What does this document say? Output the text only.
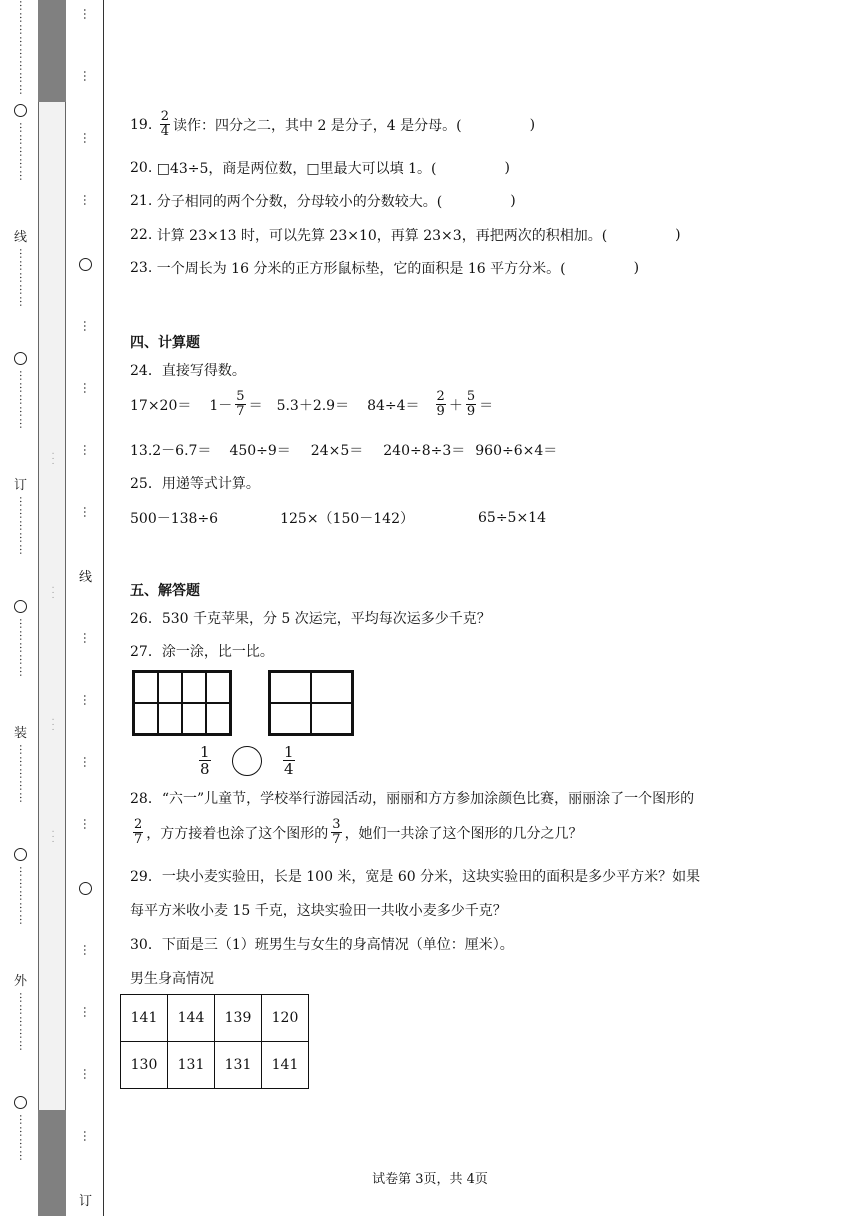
……………………
……………
线
……………
……………
订
……………
……………
装
……………
……………
外
……………
…………
· · ·
· · ·
· · ·
· · ·
…
…
…
…
…
…
…
…
线
…
…
…
…
…
…
…
…
订
19.
$\frac{2}{4}$ 读作：四分之二，其中 2 是分子，4 是分母。(	)
20.
□43÷5，商是两位数，□里最大可以填 1。(	)
21.
分子相同的两个分数，分母较小的分数较大。(	)
22.
计算 23×13 时，可以先算 23×10，再算 23×3，再把两次的积相加。(	)
23.
一个周长为 16 分米的正方形鼠标垫，它的面积是 16 平方分米。(	)
四、计算题
24．直接写得数。
$17\times 20= 1- \frac{5}{7} = 5.3+2.9= 84\div 4= \frac{2}{9} + \frac{5}{9}$ ＝
13.2－6.7＝ 450÷9＝ 24×5＝ 240÷8÷3＝ 960÷6×4＝
25．用递等式计算。
500－138÷6	125×（150－142）	65÷5×14
五、解答题
26．530 千克苹果，分 5 次运完，平均每次运多少千克？
27．涂一涂，比一比。
$\frac{1}{8}$	$\frac{1}{4}$
28．“六一”儿童节，学校举行游园活动，丽丽和方方参加涂颜色比赛，丽丽涂了一个图形的
$\frac{2}{7}$ ，方方接着也涂了这个图形的 $\frac{3}{7}$ ，她们一共涂了这个图形的几分之几？
29．一块小麦实验田，长是 100 米，宽是 60 分米，这块实验田的面积是多少平方米？如果
每平方米收小麦 15 千克，这块实验田一共收小麦多少千克？
30．下面是三（1）班男生与女生的身高情况（单位：厘米）。
男生身高情况
141	144	139	120
130	131	131	141
试卷第 3页，共 4页
